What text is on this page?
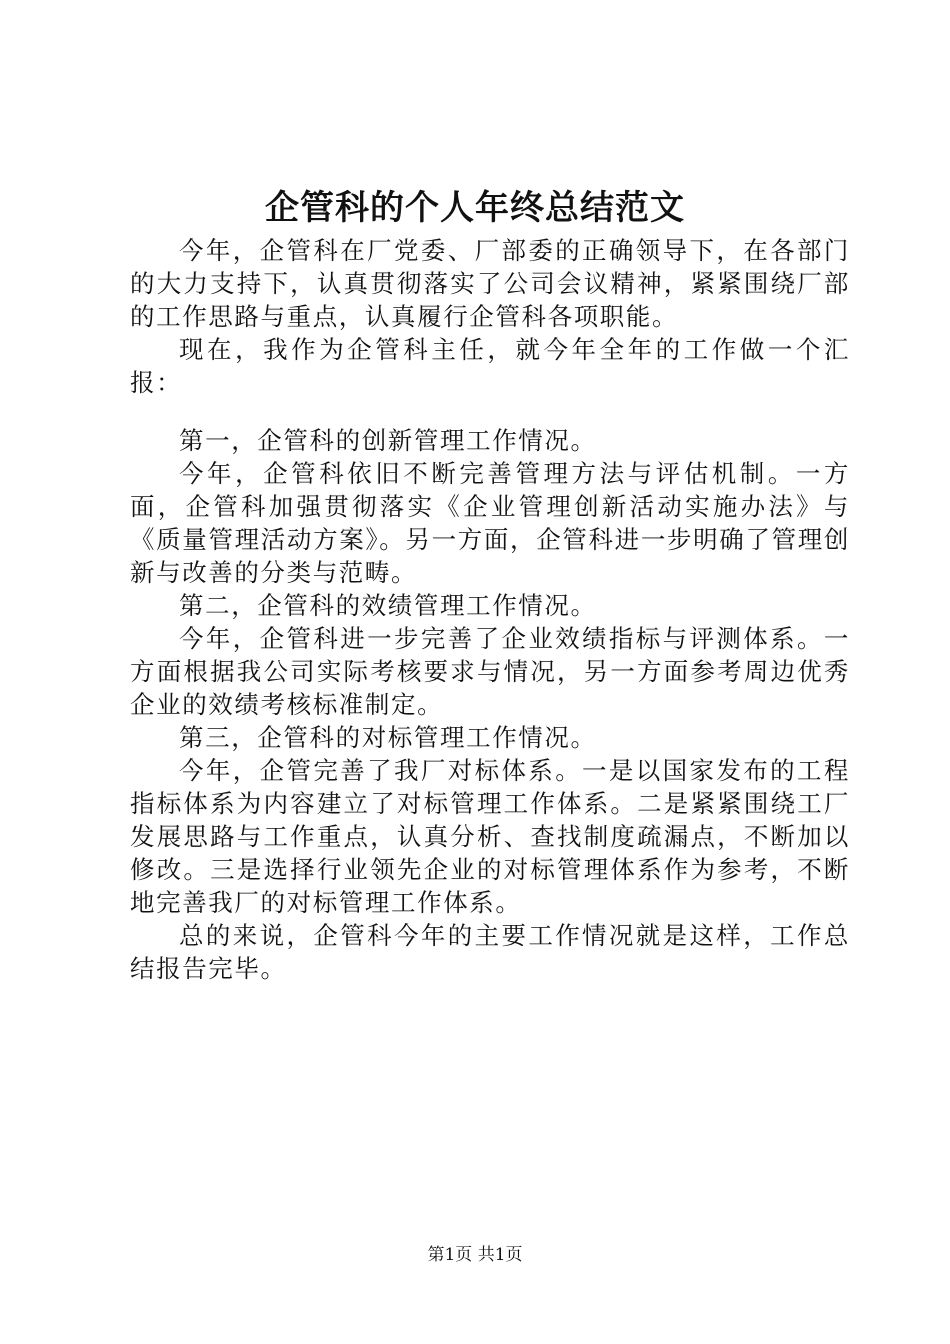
企管科的个人年终总结范文

今年，企管科在厂党委、厂部委的正确领导下，在各部门的大力支持下，认真贯彻落实了公司会议精神，紧紧围绕厂部的工作思路与重点，认真履行企管科各项职能。

现在，我作为企管科主任，就今年全年的工作做一个汇报：

第一，企管科的创新管理工作情况。

今年，企管科依旧不断完善管理方法与评估机制。一方面，企管科加强贯彻落实《企业管理创新活动实施办法》与《质量管理活动方案》。另一方面，企管科进一步明确了管理创新与改善的分类与范畴。

第二，企管科的效绩管理工作情况。

今年，企管科进一步完善了企业效绩指标与评测体系。一方面根据我公司实际考核要求与情况，另一方面参考周边优秀企业的效绩考核标准制定。

第三，企管科的对标管理工作情况。

今年，企管完善了我厂对标体系。一是以国家发布的工程指标体系为内容建立了对标管理工作体系。二是紧紧围绕工厂发展思路与工作重点，认真分析、查找制度疏漏点，不断加以修改。三是选择行业领先企业的对标管理体系作为参考，不断地完善我厂的对标管理工作体系。

总的来说，企管科今年的主要工作情况就是这样，工作总结报告完毕。

第1页 共1页
